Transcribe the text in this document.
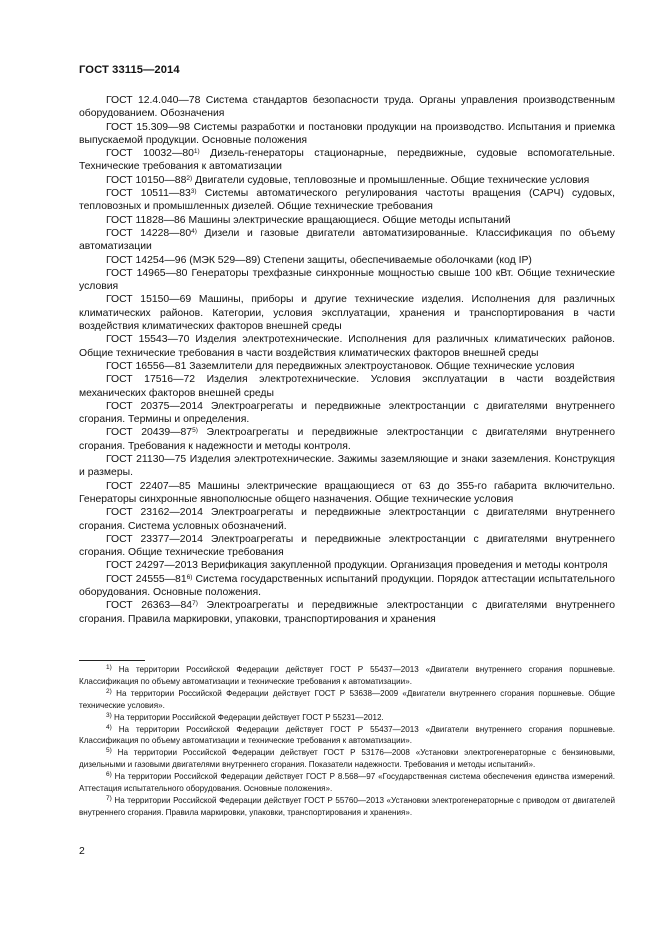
ГОСТ 33115—2014

ГОСТ 12.4.040—78 Система стандартов безопасности труда. Органы управления производственным оборудованием. Обозначения

ГОСТ 15.309—98 Системы разработки и постановки продукции на производство. Испытания и приемка выпускаемой продукции. Основные положения

ГОСТ 10032—80$^{1)}$ Дизель-генераторы стационарные, передвижные, судовые вспомогательные. Технические требования к автоматизации

ГОСТ 10150—88$^{2)}$ Двигатели судовые, тепловозные и промышленные. Общие технические условия

ГОСТ 10511—83$^{3)}$ Системы автоматического регулирования частоты вращения (САРЧ) судовых, тепловозных и промышленных дизелей. Общие технические требования

ГОСТ 11828—86 Машины электрические вращающиеся. Общие методы испытаний

ГОСТ 14228—80$^{4)}$ Дизели и газовые двигатели автоматизированные. Классификация по объему автоматизации

ГОСТ 14254—96 (МЭК 529—89) Степени защиты, обеспечиваемые оболочками (код IP)

ГОСТ 14965—80 Генераторы трехфазные синхронные мощностью свыше 100 кВт. Общие технические условия

ГОСТ 15150—69 Машины, приборы и другие технические изделия. Исполнения для различных климатических районов. Категории, условия эксплуатации, хранения и транспортирования в части воздействия климатических факторов внешней среды

ГОСТ 15543—70 Изделия электротехнические. Исполнения для различных климатических районов. Общие технические требования в части воздействия климатических факторов внешней среды

ГОСТ 16556—81 Заземлители для передвижных электроустановок. Общие технические условия

ГОСТ 17516—72 Изделия электротехнические. Условия эксплуатации в части воздействия механических факторов внешней среды

ГОСТ 20375—2014 Электроагрегаты и передвижные электростанции с двигателями внутреннего сгорания. Термины и определения.

ГОСТ 20439—87$^{5)}$ Электроагрегаты и передвижные электростанции с двигателями внутреннего сгорания. Требования к надежности и методы контроля.

ГОСТ 21130—75 Изделия электротехнические. Зажимы заземляющие и знаки заземления. Конструкция и размеры.

ГОСТ 22407—85 Машины электрические вращающиеся от 63 до 355-го габарита включительно. Генераторы синхронные явнополюсные общего назначения. Общие технические условия

ГОСТ 23162—2014 Электроагрегаты и передвижные электростанции с двигателями внутреннего сгорания. Система условных обозначений.

ГОСТ 23377—2014 Электроагрегаты и передвижные электростанции с двигателями внутреннего сгорания. Общие технические требования

ГОСТ 24297—2013 Верификация закупленной продукции. Организация проведения и методы контроля

ГОСТ 24555—81$^{6)}$ Система государственных испытаний продукции. Порядок аттестации испытательного оборудования. Основные положения.

ГОСТ 26363—84$^{7)}$ Электроагрегаты и передвижные электростанции с двигателями внутреннего сгорания. Правила маркировки, упаковки, транспортирования и хранения

$^{1)}$ На территории Российской Федерации действует ГОСТ Р 55437—2013 «Двигатели внутреннего сгорания поршневые. Классификация по объему автоматизации и технические требования к автоматизации».

$^{2)}$ На территории Российской Федерации действует ГОСТ Р 53638—2009 «Двигатели внутреннего сгорания поршневые. Общие технические условия».

$^{3)}$ На территории Российской Федерации действует ГОСТ Р 55231—2012.

$^{4)}$ На территории Российской Федерации действует ГОСТ Р 55437—2013 «Двигатели внутреннего сгорания поршневые. Классификация по объему автоматизации и технические требования к автоматизации».

$^{5)}$ На территории Российской Федерации действует ГОСТ Р 53176—2008 «Установки электрогенераторные с бензиновыми, дизельными и газовыми двигателями внутреннего сгорания. Показатели надежности. Требования и методы испытаний».

$^{6)}$ На территории Российской Федерации действует ГОСТ Р 8.568—97 «Государственная система обеспечения единства измерений. Аттестация испытательного оборудования. Основные положения».

$^{7)}$ На территории Российской Федерации действует ГОСТ Р 55760—2013 «Установки электрогенераторные с приводом от двигателей внутреннего сгорания. Правила маркировки, упаковки, транспортирования и хранения».

2
